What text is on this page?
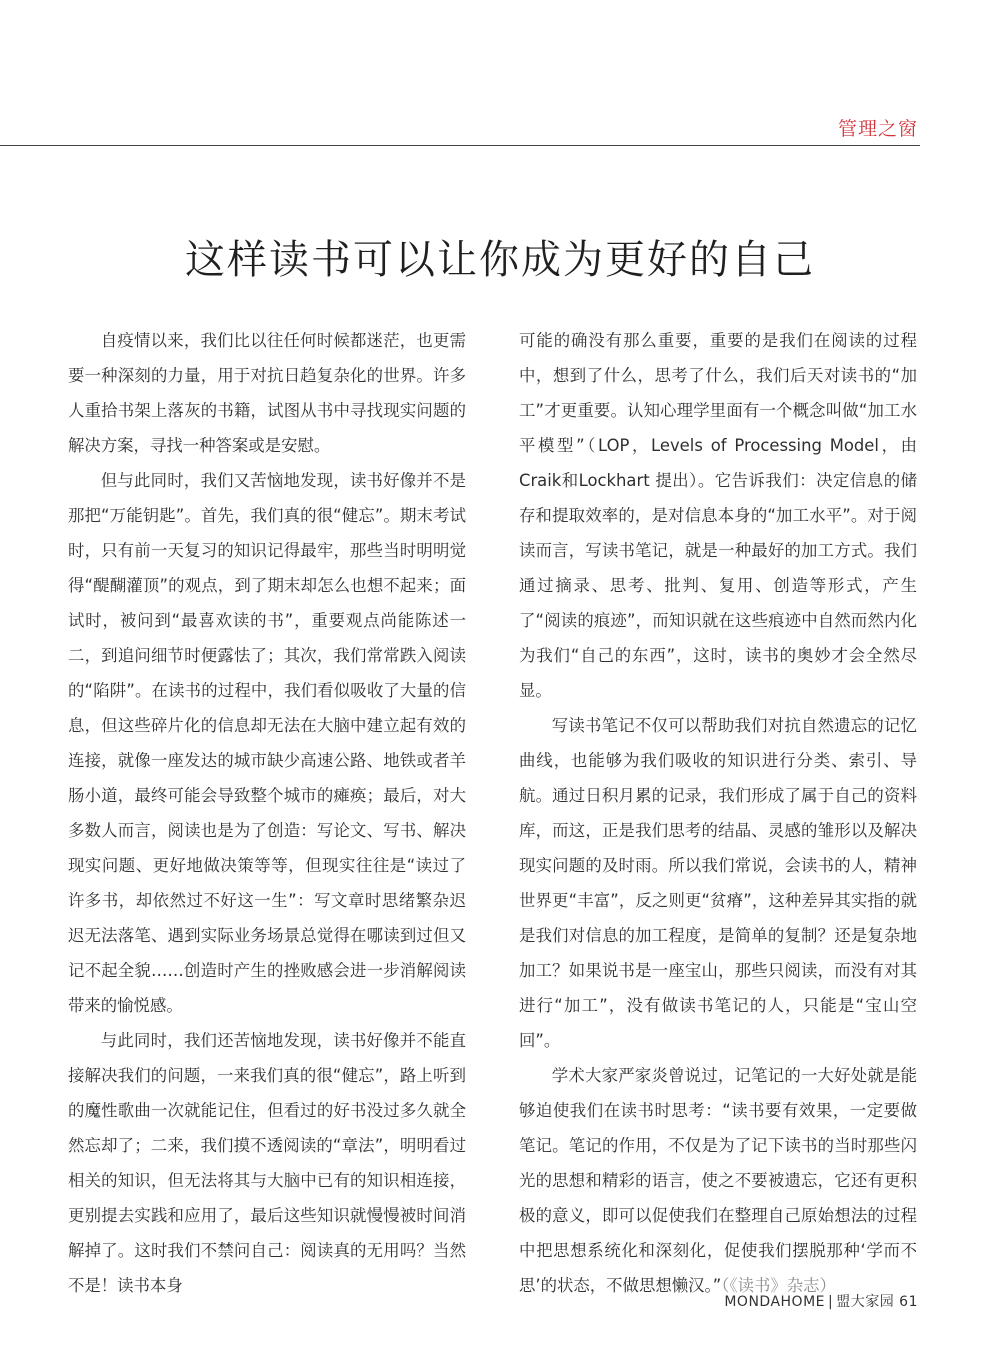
管理之窗
这样读书可以让你成为更好的自己

自疫情以来，我们比以往任何时候都迷茫，也更需要一种深刻的力量，用于对抗日趋复杂化的世界。许多人重拾书架上落灰的书籍，试图从书中寻找现实问题的解决方案，寻找一种答案或是安慰。

但与此同时，我们又苦恼地发现，读书好像并不是那把“万能钥匙”。首先，我们真的很“健忘”。期末考试时，只有前一天复习的知识记得最牢，那些当时明明觉得“醍醐灌顶”的观点，到了期末却怎么也想不起来；面试时，被问到“最喜欢读的书”，重要观点尚能陈述一二，到追问细节时便露怯了；其次，我们常常跌入阅读的“陷阱”。在读书的过程中，我们看似吸收了大量的信息，但这些碎片化的信息却无法在大脑中建立起有效的连接，就像一座发达的城市缺少高速公路、地铁或者羊肠小道，最终可能会导致整个城市的瘫痪；最后，对大多数人而言，阅读也是为了创造：写论文、写书、解决现实问题、更好地做决策等等，但现实往往是“读过了许多书，却依然过不好这一生”：写文章时思绪繁杂迟迟无法落笔、遇到实际业务场景总觉得在哪读到过但又记不起全貌……创造时产生的挫败感会进一步消解阅读带来的愉悦感。

与此同时，我们还苦恼地发现，读书好像并不能直接解决我们的问题，一来我们真的很“健忘”，路上听到的魔性歌曲一次就能记住，但看过的好书没过多久就全然忘却了；二来，我们摸不透阅读的“章法”，明明看过相关的知识，但无法将其与大脑中已有的知识相连接，更别提去实践和应用了，最后这些知识就慢慢被时间消解掉了。这时我们不禁问自己：阅读真的无用吗？当然不是！读书本身

可能的确没有那么重要，重要的是我们在阅读的过程中，想到了什么，思考了什么，我们后天对读书的“加工”才更重要。认知心理学里面有一个概念叫做“加工水平模型”（LOP，Levels of Processing Model，由 Craik和Lockhart 提出）。它告诉我们：决定信息的储存和提取效率的，是对信息本身的“加工水平”。对于阅读而言，写读书笔记，就是一种最好的加工方式。我们通过摘录、思考、批判、复用、创造等形式，产生了“阅读的痕迹”，而知识就在这些痕迹中自然而然内化为我们“自己的东西”，这时，读书的奥妙才会全然尽显。

写读书笔记不仅可以帮助我们对抗自然遗忘的记忆曲线，也能够为我们吸收的知识进行分类、索引、导航。通过日积月累的记录，我们形成了属于自己的资料库，而这，正是我们思考的结晶、灵感的雏形以及解决现实问题的及时雨。所以我们常说，会读书的人，精神世界更“丰富”，反之则更“贫瘠”，这种差异其实指的就是我们对信息的加工程度，是简单的复制？还是复杂地加工？如果说书是一座宝山，那些只阅读，而没有对其进行“加工”，没有做读书笔记的人，只能是“宝山空回”。

学术大家严家炎曾说过，记笔记的一大好处就是能够迫使我们在读书时思考：“读书要有效果，一定要做笔记。笔记的作用，不仅是为了记下读书的当时那些闪光的思想和精彩的语言，使之不要被遗忘，它还有更积极的意义，即可以促使我们在整理自己原始想法的过程中把思想系统化和深刻化，促使我们摆脱那种‘学而不思’的状态，不做思想懒汉。”（《读书》杂志）

MONDAHOME | 盟大家园 61
